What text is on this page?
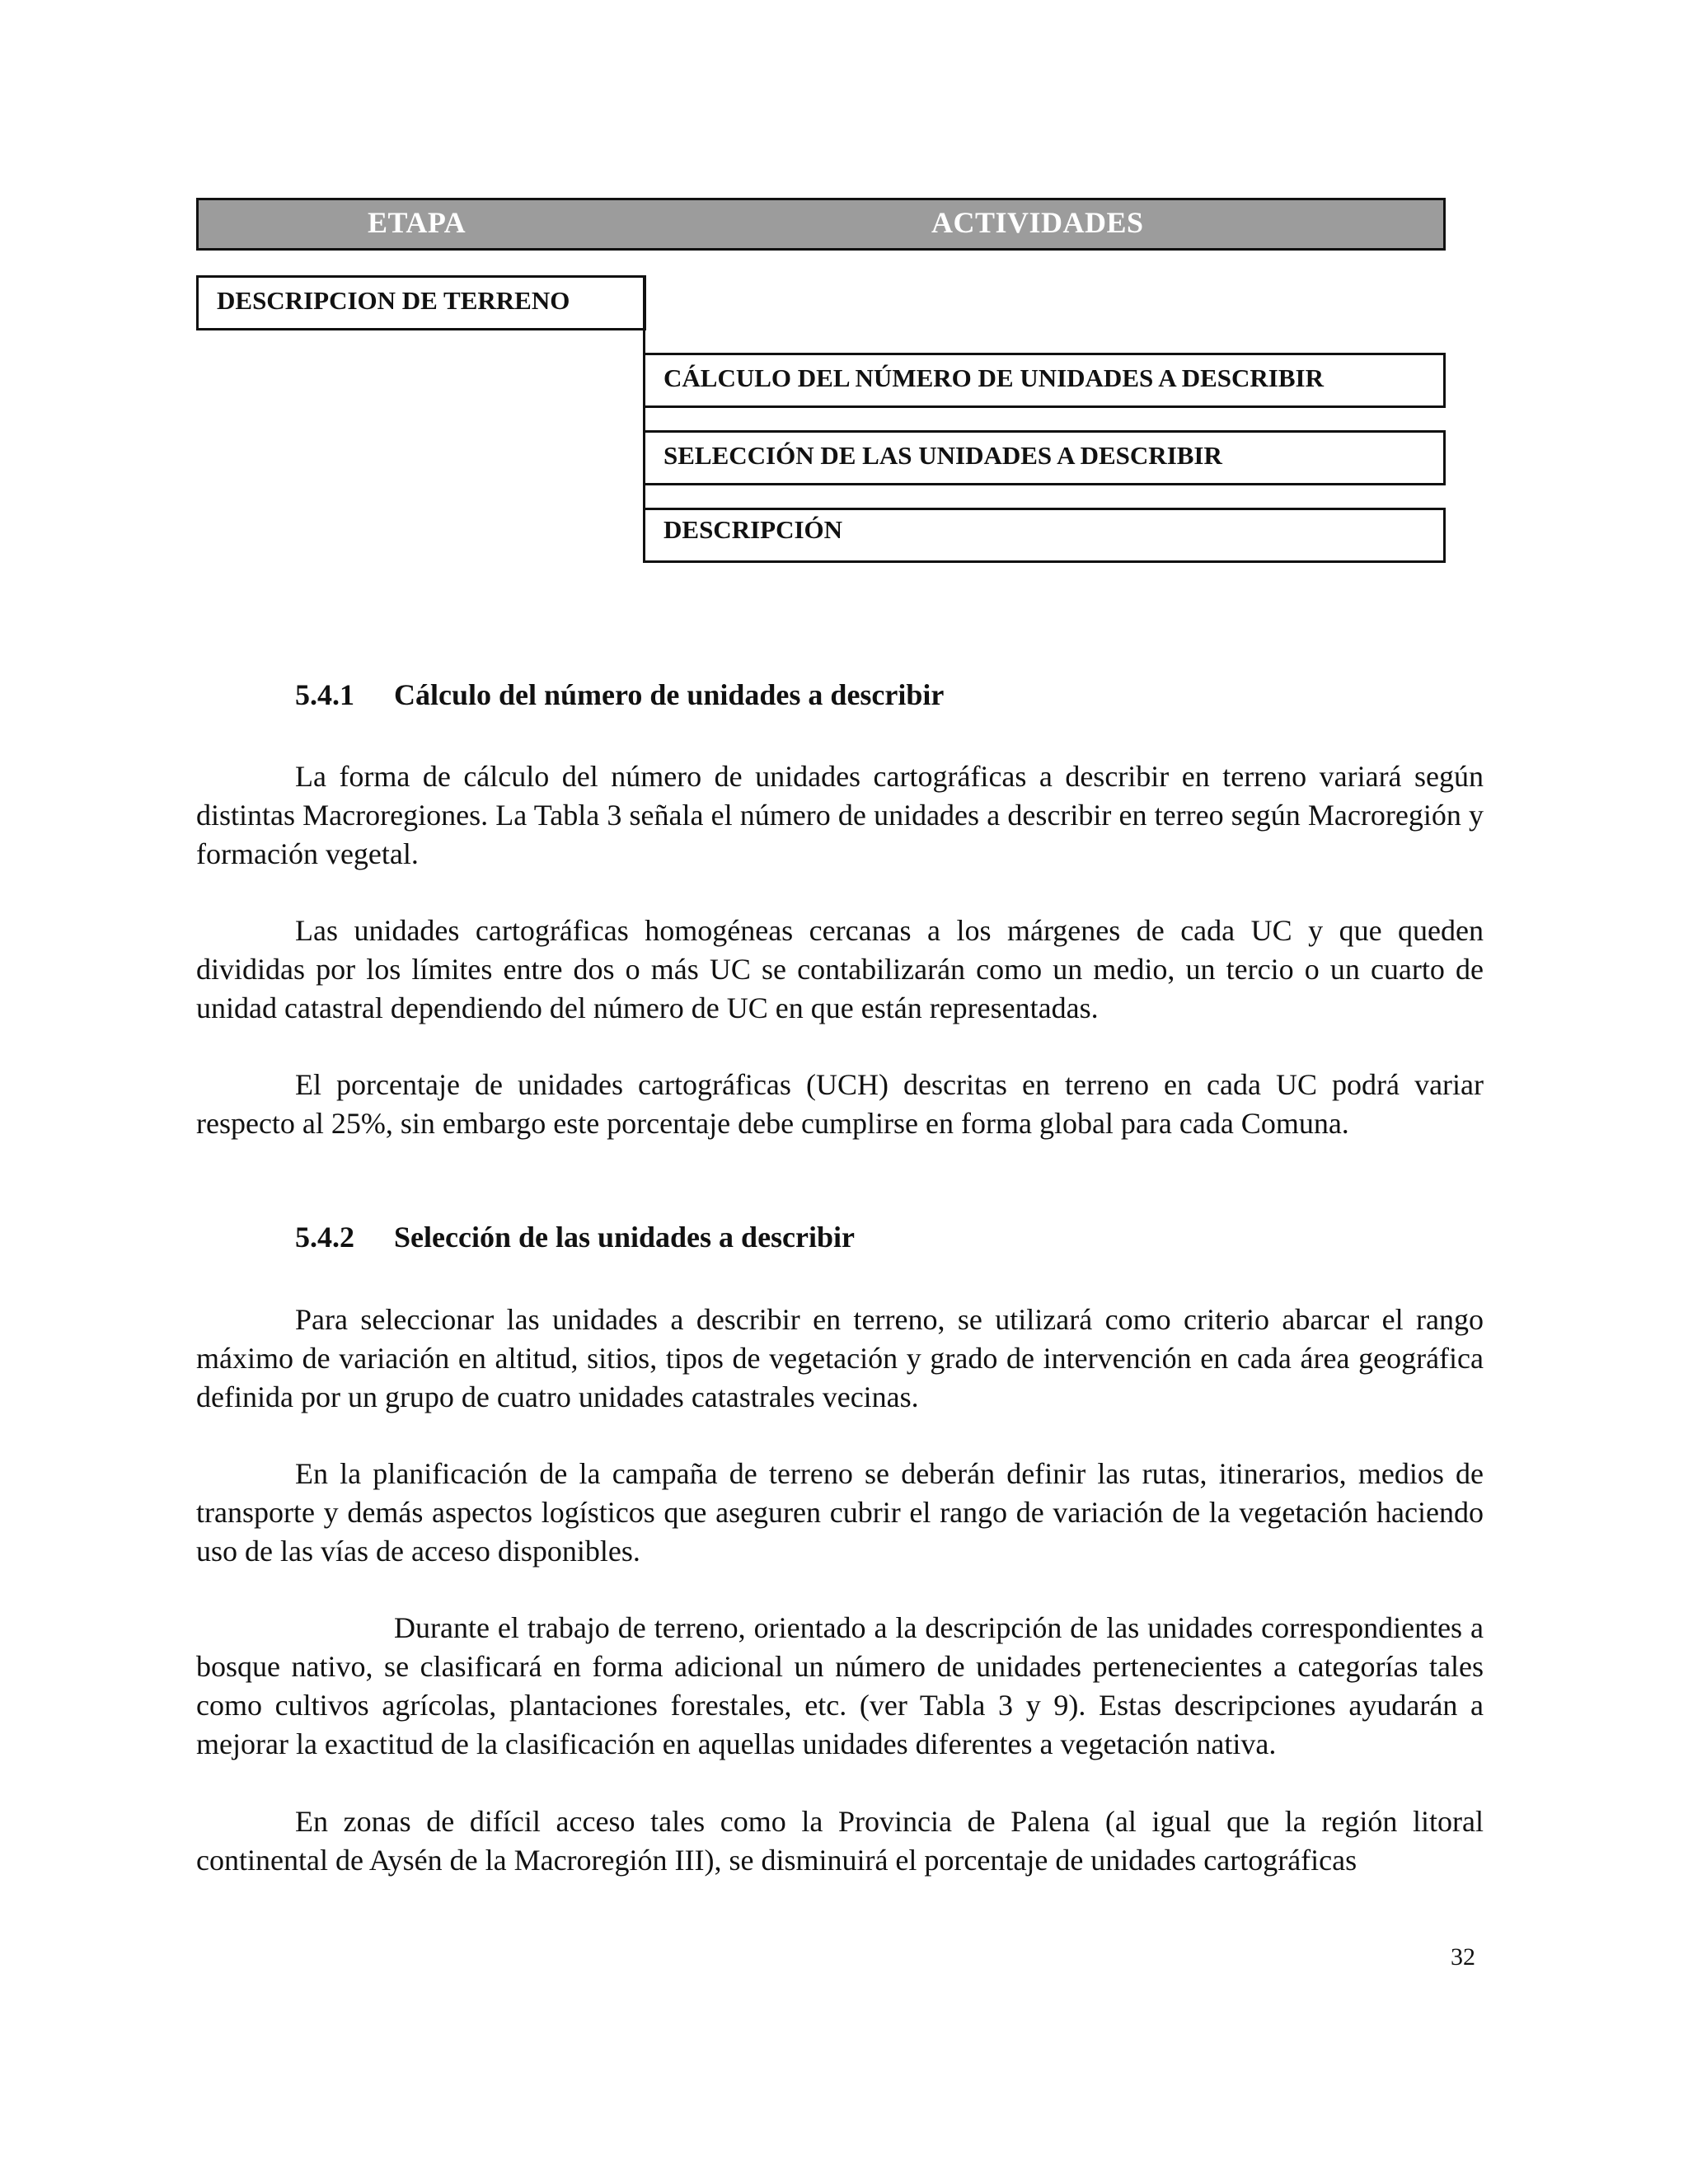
ETAPA	ACTIVIDADES
DESCRIPCION DE TERRENO
CÁLCULO DEL NÚMERO DE UNIDADES A DESCRIBIR
SELECCIÓN DE LAS UNIDADES A DESCRIBIR
DESCRIPCIÓN
5.4.1 Cálculo del número de unidades a describir
La forma de cálculo del número de unidades cartográficas a describir en terreno variará según distintas Macroregiones. La Tabla 3 señala el número de unidades a describir en terreo según Macroregión y formación vegetal.
Las unidades cartográficas homogéneas cercanas a los márgenes de cada UC y que queden divididas por los límites entre dos o más UC se contabilizarán como un medio, un tercio o un cuarto de unidad catastral dependiendo del número de UC en que están representadas.
El porcentaje de unidades cartográficas (UCH) descritas en terreno en cada UC podrá variar respecto al 25%, sin embargo este porcentaje debe cumplirse en forma global para cada Comuna.
5.4.2 Selección de las unidades a describir
Para seleccionar las unidades a describir en terreno, se utilizará como criterio abarcar el rango máximo de variación en altitud, sitios, tipos de vegetación y grado de intervención en cada área geográfica definida por un grupo de cuatro unidades catastrales vecinas.
En la planificación de la campaña de terreno se deberán definir las rutas, itinerarios, medios de transporte y demás aspectos logísticos que aseguren cubrir el rango de variación de la vegetación haciendo uso de las vías de acceso disponibles.
Durante el trabajo de terreno, orientado a la descripción de las unidades correspondientes a bosque nativo, se clasificará en forma adicional un número de unidades pertenecientes a categorías tales como cultivos agrícolas, plantaciones forestales, etc. (ver Tabla 3 y 9). Estas descripciones ayudarán a mejorar la exactitud de la clasificación en aquellas unidades diferentes a vegetación nativa.
En zonas de difícil acceso tales como la Provincia de Palena (al igual que la región litoral continental de Aysén de la Macroregión III), se disminuirá el porcentaje de unidades cartográficas
32
